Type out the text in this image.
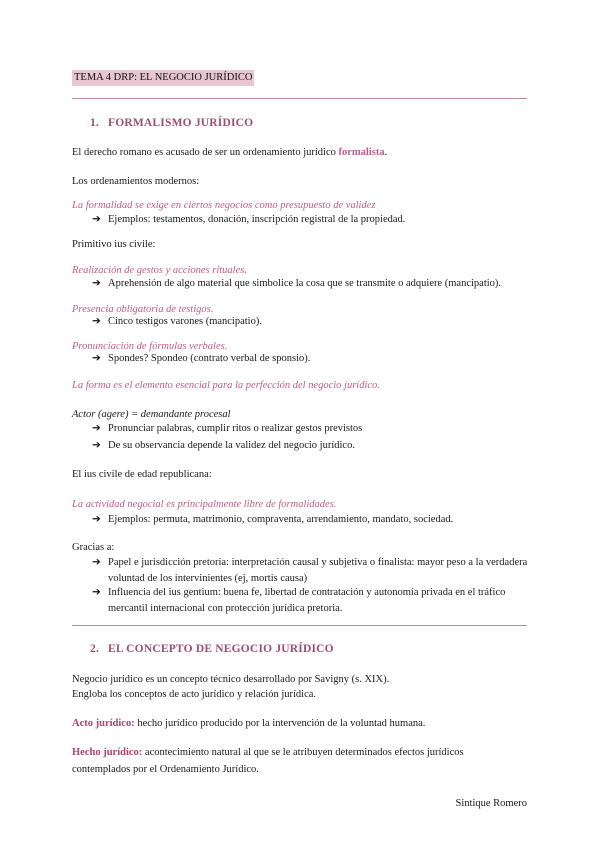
TEMA 4 DRP: EL NEGOCIO JURÍDICO
1. FORMALISMO JURÍDICO
El derecho romano es acusado de ser un ordenamiento jurídico formalista.
Los ordenamientos modernos:
La formalidad se exige en ciertos negocios como presupuesto de validez
➔ Ejemplos: testamentos, donación, inscripción registral de la propiedad.
Primitivo ius civile:
Realización de gestos y acciones rituales.
➔ Aprehensión de algo material que simbolice la cosa que se transmite o adquiere (mancipatio).
Presencia obligatoria de testigos.
➔ Cinco testigos varones (mancipatio).
Pronunciación de fórmulas verbales.
➔ Spondes? Spondeo (contrato verbal de sponsio).
La forma es el elemento esencial para la perfección del negocio jurídico.
Actor (agere) = demandante procesal
➔ Pronunciar palabras, cumplir ritos o realizar gestos previstos
➔ De su observancia depende la validez del negocio jurídico.
El ius civile de edad republicana:
La actividad negocial es principalmente libre de formalidades.
➔ Ejemplos: permuta, matrimonio, compraventa, arrendamiento, mandato, sociedad.
Gracias a:
➔ Papel e jurisdicción pretoria: interpretación causal y subjetiva o finalista: mayor peso a la verdadera voluntad de los intervinientes (ej, mortis causa)
➔ Influencia del ius gentium: buena fe, libertad de contratación y autonomía privada en el tráfico mercantil internacional con protección jurídica pretoria.
2. EL CONCEPTO DE NEGOCIO JURÍDICO
Negocio jurídico es un concepto técnico desarrollado por Savigny (s. XIX).
Engloba los conceptos de acto jurídico y relación jurídica.
Acto jurídico: hecho jurídico producido por la intervención de la voluntad humana.
Hecho jurídico: acontecimiento natural al que se le atribuyen determinados efectos jurídicos
contemplados por el Ordenamiento Jurídico.
Sintique Romero
